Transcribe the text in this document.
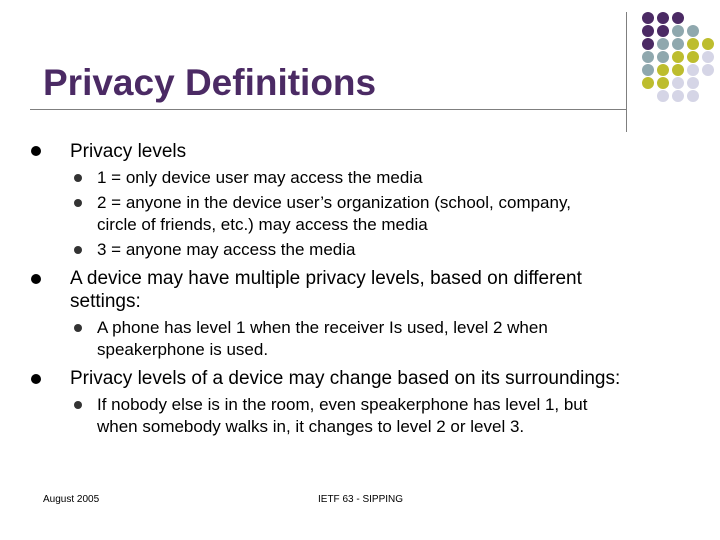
Privacy Definitions
Privacy levels
1 = only device user may access the media
2 = anyone in the device user’s organization (school, company,
circle of friends, etc.) may access the media
3 = anyone may access the media
A device may have multiple privacy levels, based on different
settings:
A phone has level 1 when the receiver Is used, level 2 when
speakerphone is used.
Privacy levels of a device may change based on its surroundings:
If nobody else is in the room, even speakerphone has level 1, but
when somebody walks in, it changes to level 2 or level 3.
August 2005	IETF 63 - SIPPING
